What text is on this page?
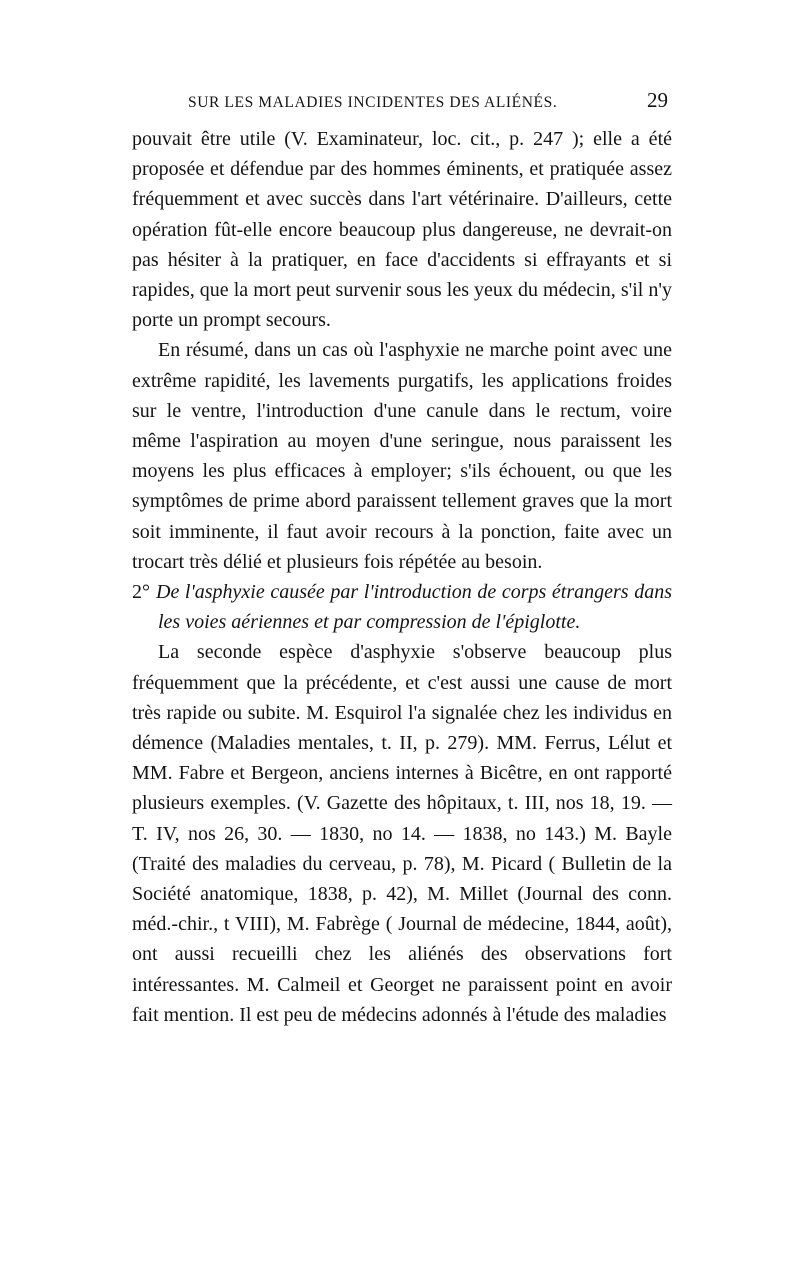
SUR LES MALADIES INCIDENTES DES ALIÉNÉS.	29

pouvait être utile (V. Examinateur, loc. cit., p. 247 ); elle a été proposée et défendue par des hommes éminents, et pratiquée assez fréquemment et avec succès dans l'art vétérinaire. D'ailleurs, cette opération fût-elle encore beaucoup plus dangereuse, ne devrait-on pas hésiter à la pratiquer, en face d'accidents si effrayants et si rapides, que la mort peut survenir sous les yeux du médecin, s'il n'y porte un prompt secours.

En résumé, dans un cas où l'asphyxie ne marche point avec une extrême rapidité, les lavements purgatifs, les applications froides sur le ventre, l'introduction d'une canule dans le rectum, voire même l'aspiration au moyen d'une seringue, nous paraissent les moyens les plus efficaces à employer; s'ils échouent, ou que les symptômes de prime abord paraissent tellement graves que la mort soit imminente, il faut avoir recours à la ponction, faite avec un trocart très délié et plusieurs fois répétée au besoin.

2° De l'asphyxie causée par l'introduction de corps étrangers dans les voies aériennes et par compression de l'épiglotte.

La seconde espèce d'asphyxie s'observe beaucoup plus fréquemment que la précédente, et c'est aussi une cause de mort très rapide ou subite. M. Esquirol l'a signalée chez les individus en démence (Maladies mentales, t. II, p. 279). MM. Ferrus, Lélut et MM. Fabre et Bergeon, anciens internes à Bicêtre, en ont rapporté plusieurs exemples. (V. Gazette des hôpitaux, t. III, nos 18, 19. — T. IV, nos 26, 30. — 1830, no 14. — 1838, no 143.) M. Bayle (Traité des maladies du cerveau, p. 78), M. Picard ( Bulletin de la Société anatomique, 1838, p. 42), M. Millet (Journal des conn. méd.-chir., t VIII), M. Fabrège ( Journal de médecine, 1844, août), ont aussi recueilli chez les aliénés des observations fort intéressantes. M. Calmeil et Georget ne paraissent point en avoir fait mention. Il est peu de médecins adonnés à l'étude des maladies
